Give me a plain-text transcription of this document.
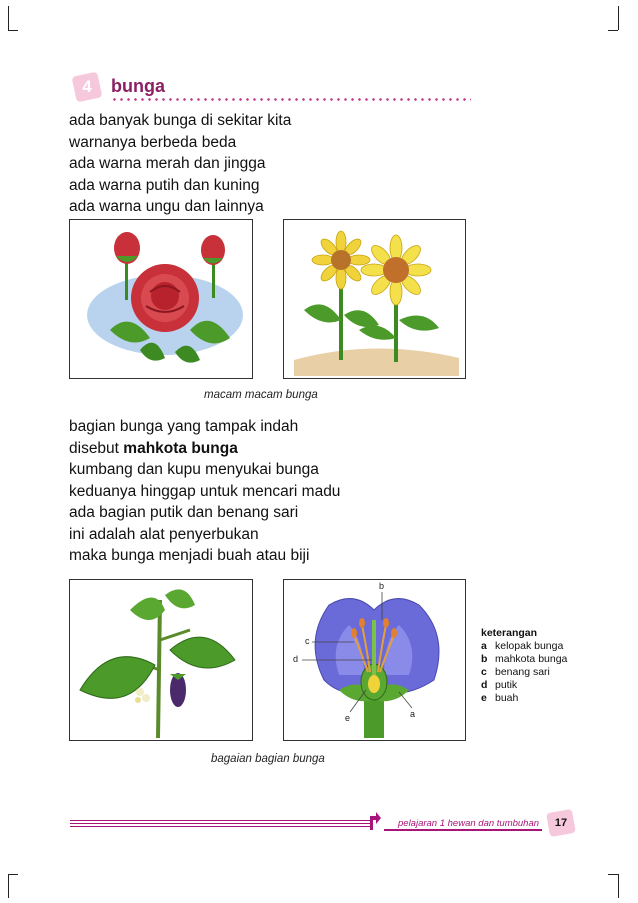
4	bunga
ada banyak bunga di sekitar kita
warnanya berbeda beda
ada warna merah dan jingga
ada warna putih dan kuning
ada warna ungu dan lainnya
macam macam bunga
bagian bunga yang tampak indah
disebut mahkota bunga
kumbang dan kupu menyukai bunga
keduanya hinggap untuk mencari madu
ada bagian putik dan benang sari
ini adalah alat penyerbukan
maka bunga menjadi buah atau biji
b
c
d
e	a
keterangan
a kelopak bunga
b mahkota bunga
c benang sari
d putik
e buah
bagaian bagian bunga
pelajaran 1 hewan dan tumbuhan	17
